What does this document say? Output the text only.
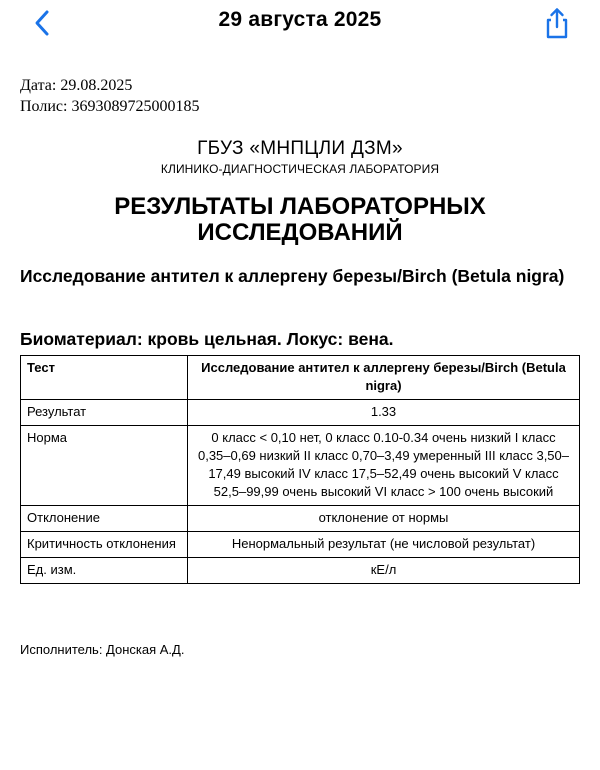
29 августа 2025
Дата: 29.08.2025
Полис: 3693089725000185
ГБУЗ «МНПЦЛИ ДЗМ»
КЛИНИКО-ДИАГНОСТИЧЕСКАЯ ЛАБОРАТОРИЯ
РЕЗУЛЬТАТЫ ЛАБОРАТОРНЫХ ИССЛЕДОВАНИЙ
Исследование антител к аллергену березы/Birch (Betula nigra)
Биоматериал: кровь цельная. Локус: вена.
Тест	Исследование антител к аллергену березы/Birch (Betula nigra)
Результат	1.33
Норма	0 класс < 0,10 нет, 0 класс 0.10-0.34 очень низкий I класс 0,35–0,69 низкий II класс 0,70–3,49 умеренный III класс 3,50–17,49 высокий IV класс 17,5–52,49 очень высокий V класс 52,5–99,99 очень высокий VI класс > 100 очень высокий
Отклонение	отклонение от нормы
Критичность отклонения	Ненормальный результат (не числовой результат)
Ед. изм.	кЕ/л
Исполнитель: Донская А.Д.
